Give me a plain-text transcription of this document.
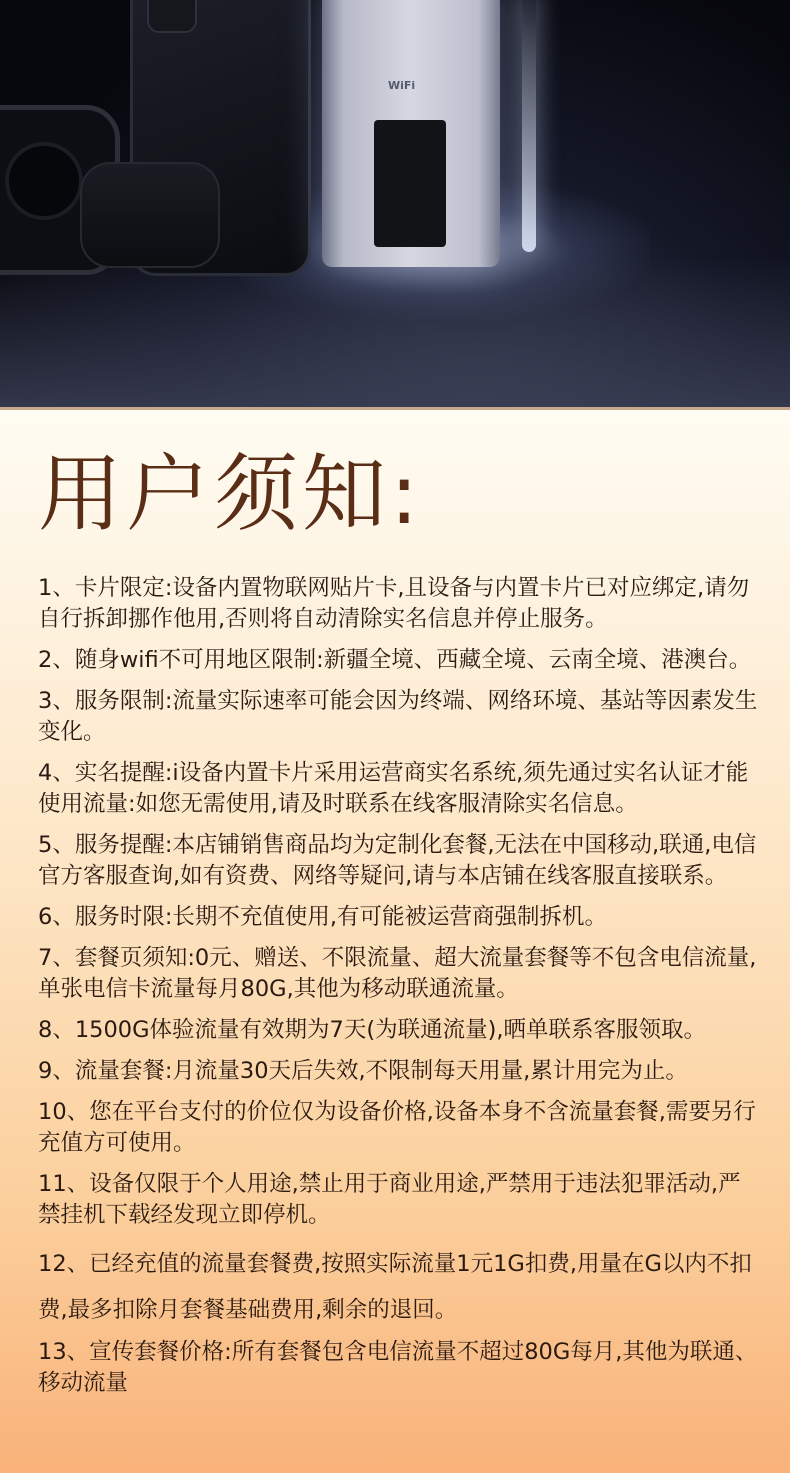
WiFi
用户须知:

1、卡片限定:设备内置物联网贴片卡,且设备与内置卡片已对应绑定,请勿自行拆卸挪作他用,否则将自动清除实名信息并停止服务。

2、随身wifi不可用地区限制:新疆全境、西藏全境、云南全境、港澳台。

3、服务限制:流量实际速率可能会因为终端、网络环境、基站等因素发生变化。

4、实名提醒:i设备内置卡片采用运营商实名系统,须先通过实名认证才能使用流量:如您无需使用,请及时联系在线客服清除实名信息。

5、服务提醒:本店铺销售商品均为定制化套餐,无法在中国移动,联通,电信官方客服查询,如有资费、网络等疑问,请与本店铺在线客服直接联系。

6、服务时限:长期不充值使用,有可能被运营商强制拆机。

7、套餐页须知:0元、赠送、不限流量、超大流量套餐等不包含电信流量,单张电信卡流量每月80G,其他为移动联通流量。

8、1500G体验流量有效期为7天(为联通流量),晒单联系客服领取。

9、流量套餐:月流量30天后失效,不限制每天用量,累计用完为止。

10、您在平台支付的价位仅为设备价格,设备本身不含流量套餐,需要另行充值方可使用。

11、设备仅限于个人用途,禁止用于商业用途,严禁用于违法犯罪活动,严禁挂机下载经发现立即停机。

12、已经充值的流量套餐费,按照实际流量1元1G扣费,用量在G以内不扣费,最多扣除月套餐基础费用,剩余的退回。

13、宣传套餐价格:所有套餐包含电信流量不超过80G每月,其他为联通、移动流量
